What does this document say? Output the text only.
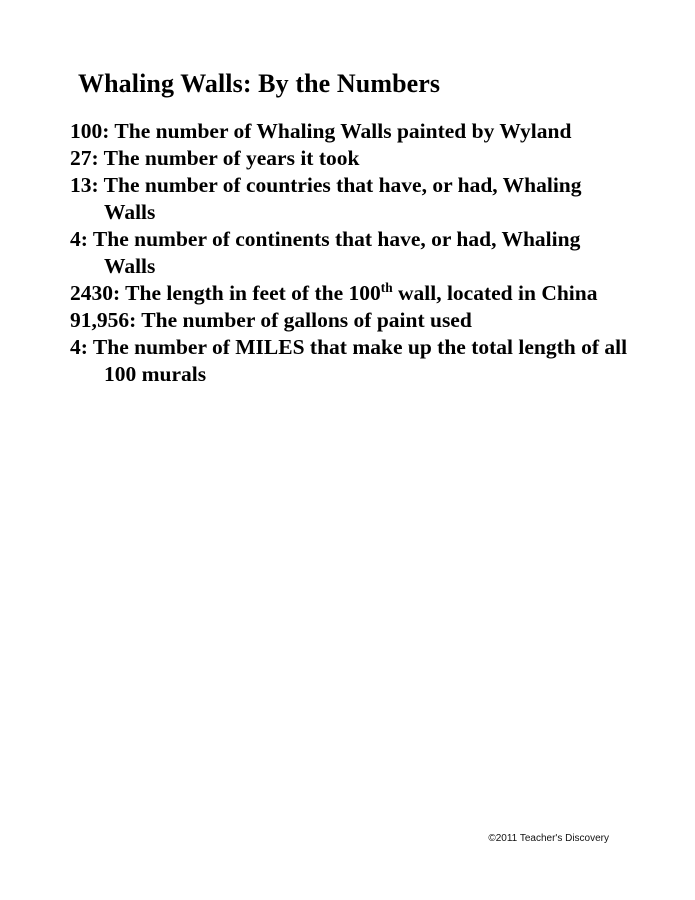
Whaling Walls: By the Numbers

100: The number of Whaling Walls painted by Wyland

27: The number of years it took

13: The number of countries that have, or had, Whaling Walls

4: The number of continents that have, or had, Whaling Walls

2430: The length in feet of the 100th wall, located in China

91,956: The number of gallons of paint used

4: The number of MILES that make up the total length of all 100 murals

©2011 Teacher's Discovery
